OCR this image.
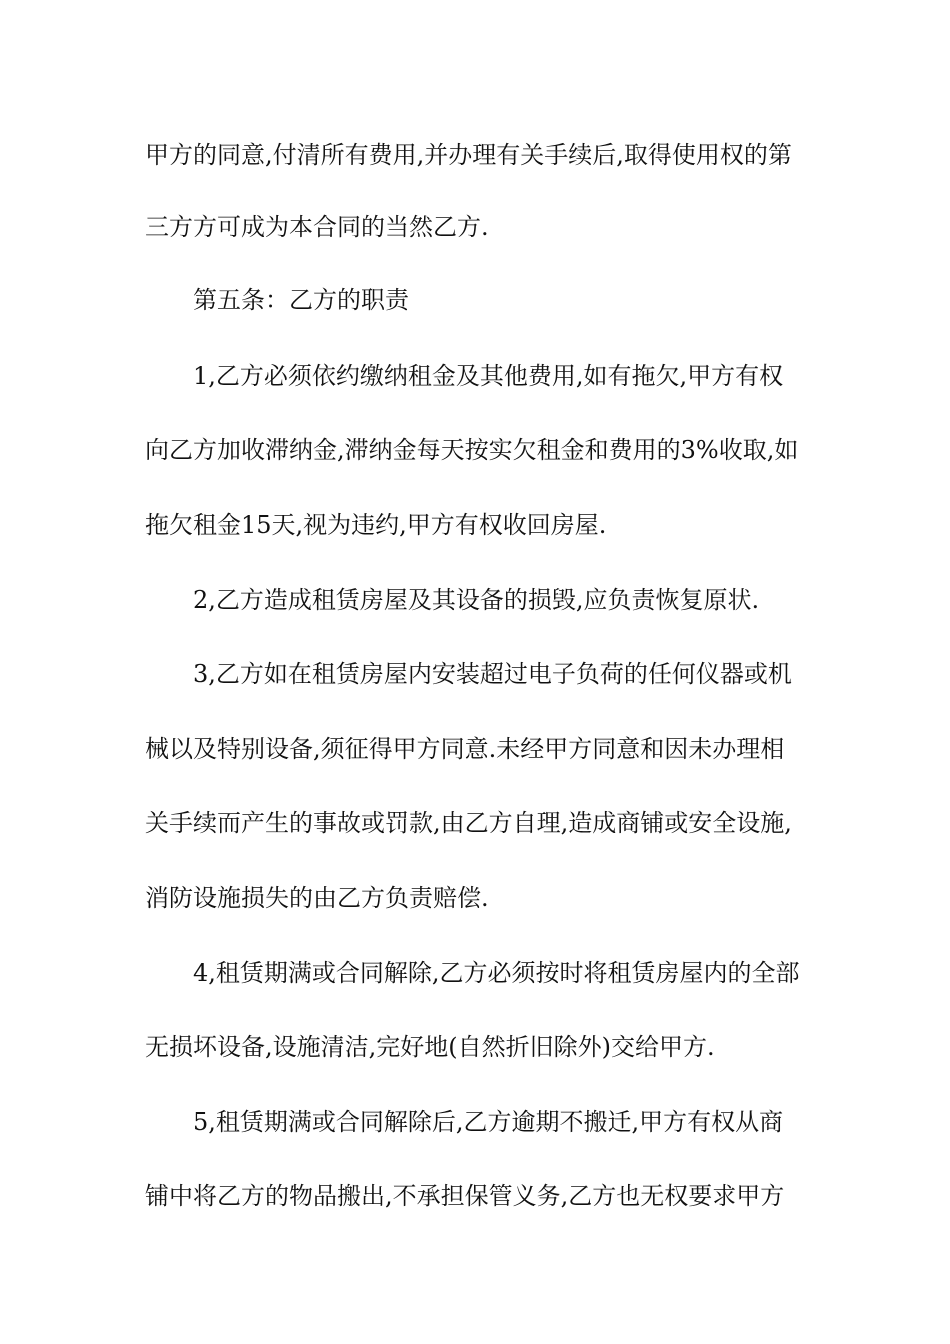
甲方的同意,付清所有费用,并办理有关手续后,取得使用权的第
三方方可成为本合同的当然乙方.
第五条：乙方的职责
1,乙方必须依约缴纳租金及其他费用,如有拖欠,甲方有权
向乙方加收滞纳金,滞纳金每天按实欠租金和费用的3%收取,如
拖欠租金15天,视为违约,甲方有权收回房屋.
2,乙方造成租赁房屋及其设备的损毁,应负责恢复原状.
3,乙方如在租赁房屋内安装超过电子负荷的任何仪器或机
械以及特别设备,须征得甲方同意.未经甲方同意和因未办理相
关手续而产生的事故或罚款,由乙方自理,造成商铺或安全设施,
消防设施损失的由乙方负责赔偿.
4,租赁期满或合同解除,乙方必须按时将租赁房屋内的全部
无损坏设备,设施清洁,完好地(自然折旧除外)交给甲方.
5,租赁期满或合同解除后,乙方逾期不搬迁,甲方有权从商
铺中将乙方的物品搬出,不承担保管义务,乙方也无权要求甲方
